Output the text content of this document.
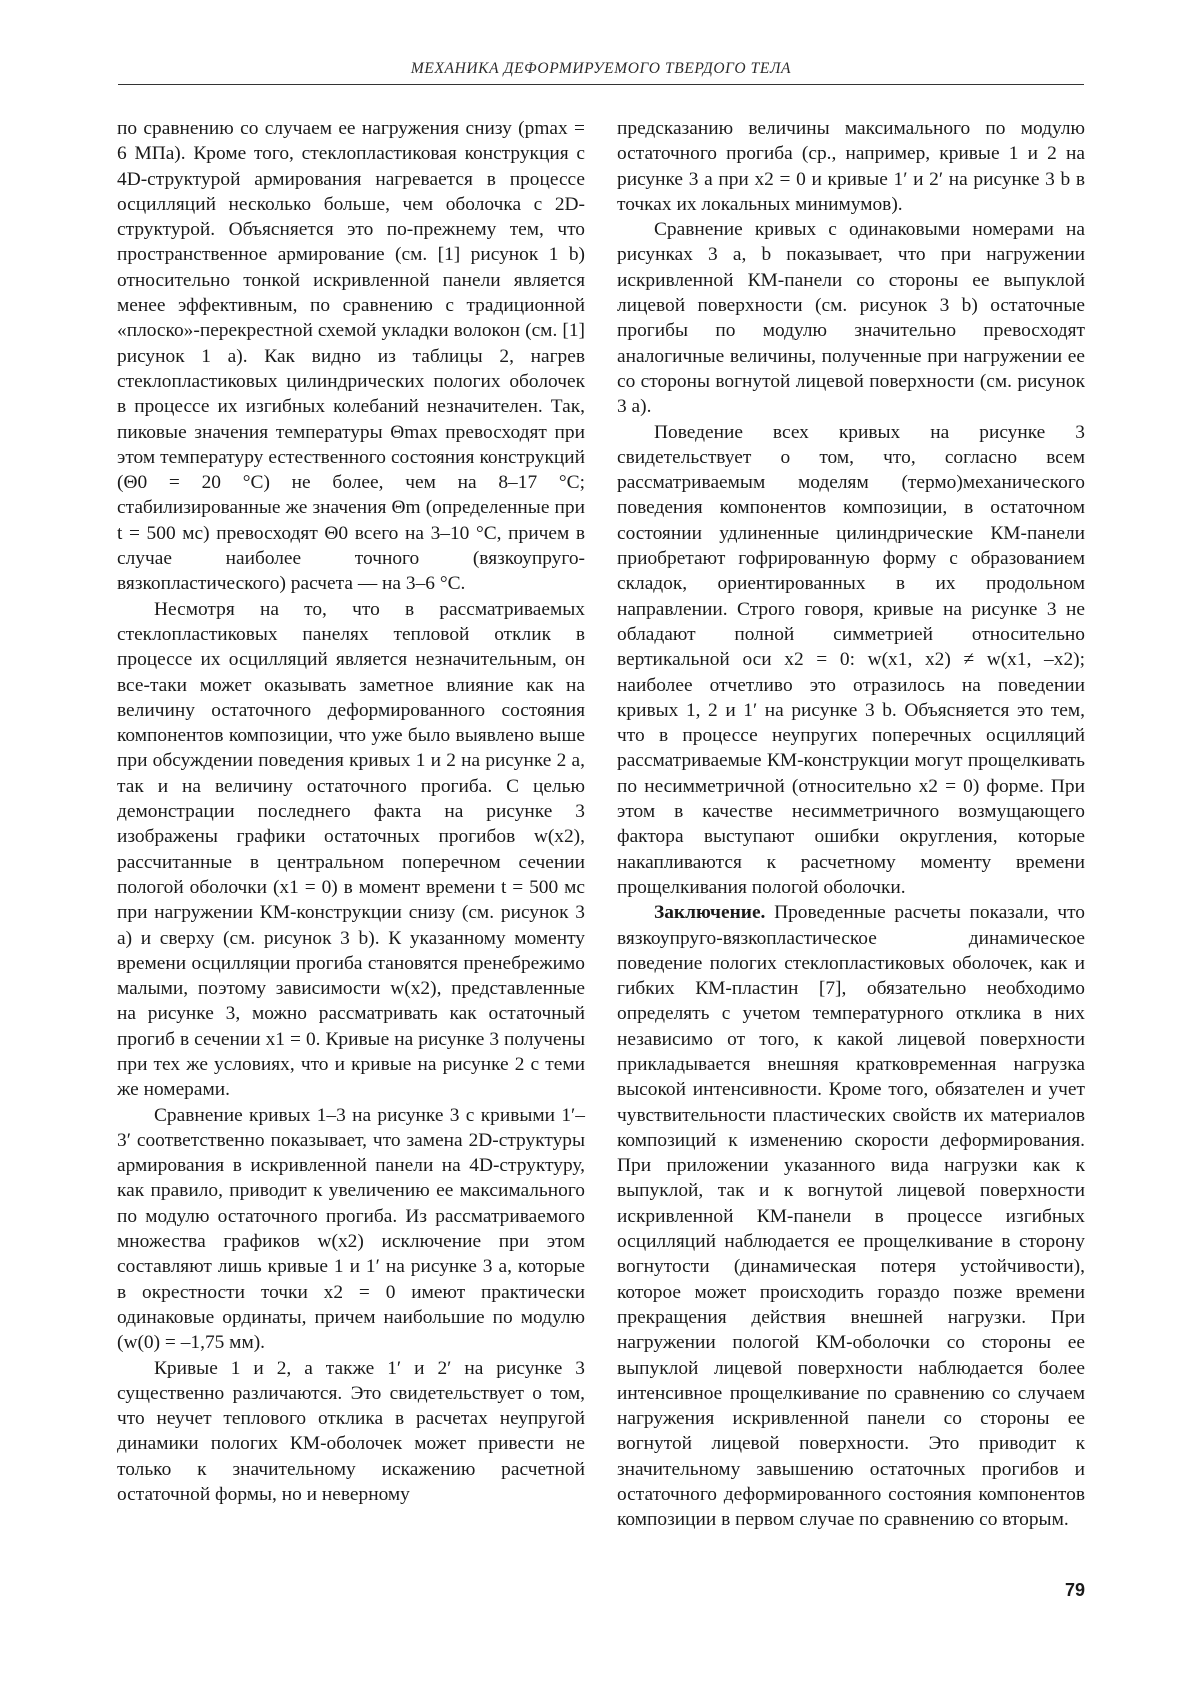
МЕХАНИКА ДЕФОРМИРУЕМОГО ТВЕРДОГО ТЕЛА

по сравнению со случаем ее нагружения снизу (pmax = 6 МПа). Кроме того, стеклопластиковая конструкция с 4D-структурой армирования нагревается в процессе осцилляций несколько больше, чем оболочка с 2D-структурой. Объясняется это по-прежнему тем, что пространственное армирование (см. [1] рисунок 1 b) относительно тонкой искривленной панели является менее эффективным, по сравнению с традиционной «плоско»-перекрестной схемой укладки волокон (см. [1] рисунок 1 a). Как видно из таблицы 2, нагрев стеклопластиковых цилиндрических пологих оболочек в процессе их изгибных колебаний незначителен. Так, пиковые значения температуры Θmax превосходят при этом температуру естественного состояния конструкций (Θ0 = 20 °С) не более, чем на 8–17 °С; стабилизированные же значения Θm (определенные при t = 500 мс) превосходят Θ0 всего на 3–10 °С, причем в случае наиболее точного (вязкоупруго-вязкопластического) расчета — на 3–6 °С.

Несмотря на то, что в рассматриваемых стеклопластиковых панелях тепловой отклик в процессе их осцилляций является незначительным, он все-таки может оказывать заметное влияние как на величину остаточного деформированного состояния компонентов композиции, что уже было выявлено выше при обсуждении поведения кривых 1 и 2 на рисунке 2 a, так и на величину остаточного прогиба. С целью демонстрации последнего факта на рисунке 3 изображены графики остаточных прогибов w(x2), рассчитанные в центральном поперечном сечении пологой оболочки (x1 = 0) в момент времени t = 500 мс при нагружении КМ-конструкции снизу (см. рисунок 3 a) и сверху (см. рисунок 3 b). К указанному моменту времени осцилляции прогиба становятся пренебрежимо малыми, поэтому зависимости w(x2), представленные на рисунке 3, можно рассматривать как остаточный прогиб в сечении x1 = 0. Кривые на рисунке 3 получены при тех же условиях, что и кривые на рисунке 2 с теми же номерами.

Сравнение кривых 1–3 на рисунке 3 с кривыми 1′–3′ соответственно показывает, что замена 2D-структуры армирования в искривленной панели на 4D-структуру, как правило, приводит к увеличению ее максимального по модулю остаточного прогиба. Из рассматриваемого множества графиков w(x2) исключение при этом составляют лишь кривые 1 и 1′ на рисунке 3 a, которые в окрестности точки x2 = 0 имеют практически одинаковые ординаты, причем наибольшие по модулю (w(0) = –1,75 мм).

Кривые 1 и 2, а также 1′ и 2′ на рисунке 3 существенно различаются. Это свидетельствует о том, что неучет теплового отклика в расчетах неупругой динамики пологих КМ-оболочек может привести не только к значительному искажению расчетной остаточной формы, но и неверному

предсказанию величины максимального по модулю остаточного прогиба (ср., например, кривые 1 и 2 на рисунке 3 a при x2 = 0 и кривые 1′ и 2′ на рисунке 3 b в точках их локальных минимумов).

Сравнение кривых с одинаковыми номерами на рисунках 3 a, b показывает, что при нагружении искривленной КМ-панели со стороны ее выпуклой лицевой поверхности (см. рисунок 3 b) остаточные прогибы по модулю значительно превосходят аналогичные величины, полученные при нагружении ее со стороны вогнутой лицевой поверхности (см. рисунок 3 a).

Поведение всех кривых на рисунке 3 свидетельствует о том, что, согласно всем рассматриваемым моделям (термо)механического поведения компонентов композиции, в остаточном состоянии удлиненные цилиндрические КМ-панели приобретают гофрированную форму с образованием складок, ориентированных в их продольном направлении. Строго говоря, кривые на рисунке 3 не обладают полной симметрией относительно вертикальной оси x2 = 0: w(x1, x2) ≠ w(x1, –x2); наиболее отчетливо это отразилось на поведении кривых 1, 2 и 1′ на рисунке 3 b. Объясняется это тем, что в процессе неупругих поперечных осцилляций рассматриваемые КМ-конструкции могут прощелкивать по несимметричной (относительно x2 = 0) форме. При этом в качестве несимметричного возмущающего фактора выступают ошибки округления, которые накапливаются к расчетному моменту времени прощелкивания пологой оболочки.

Заключение. Проведенные расчеты показали, что вязкоупруго-вязкопластическое динамическое поведение пологих стеклопластиковых оболочек, как и гибких КМ-пластин [7], обязательно необходимо определять с учетом температурного отклика в них независимо от того, к какой лицевой поверхности прикладывается внешняя кратковременная нагрузка высокой интенсивности. Кроме того, обязателен и учет чувствительности пластических свойств их материалов композиций к изменению скорости деформирования. При приложении указанного вида нагрузки как к выпуклой, так и к вогнутой лицевой поверхности искривленной КМ-панели в процессе изгибных осцилляций наблюдается ее прощелкивание в сторону вогнутости (динамическая потеря устойчивости), которое может происходить гораздо позже времени прекращения действия внешней нагрузки. При нагружении пологой КМ-оболочки со стороны ее выпуклой лицевой поверхности наблюдается более интенсивное прощелкивание по сравнению со случаем нагружения искривленной панели со стороны ее вогнутой лицевой поверхности. Это приводит к значительному завышению остаточных прогибов и остаточного деформированного состояния компонентов композиции в первом случае по сравнению со вторым.

79
